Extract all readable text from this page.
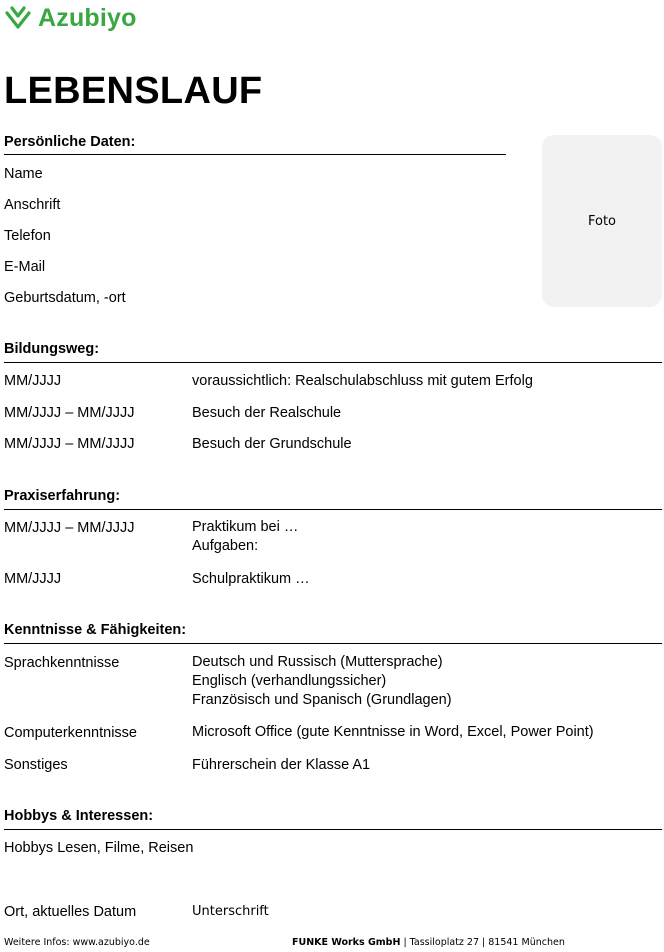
Azubiyo
LEBENSLAUF
Persönliche Daten:
Name
Anschrift
Telefon
E-Mail
Geburtsdatum, -ort
Foto
Bildungsweg:
MM/JJJJ	voraussichtlich: Realschulabschluss mit gutem Erfolg
MM/JJJJ – MM/JJJJ	Besuch der Realschule
MM/JJJJ – MM/JJJJ	Besuch der Grundschule
Praxiserfahrung:
MM/JJJJ – MM/JJJJ	Praktikum bei …
Aufgaben:
MM/JJJJ	Schulpraktikum …
Kenntnisse & Fähigkeiten:
Sprachkenntnisse	Deutsch und Russisch (Muttersprache)
Englisch (verhandlungssicher)
Französisch und Spanisch (Grundlagen)
Computerkenntnisse	Microsoft Office (gute Kenntnisse in Word, Excel, Power Point)
Sonstiges	Führerschein der Klasse A1
Hobbys & Interessen:
Hobbys Lesen, Filme, Reisen
Ort, aktuelles Datum	Unterschrift
Weitere Infos: www.azubiyo.de	FUNKE Works GmbH | Tassiloplatz 27 | 81541 München
